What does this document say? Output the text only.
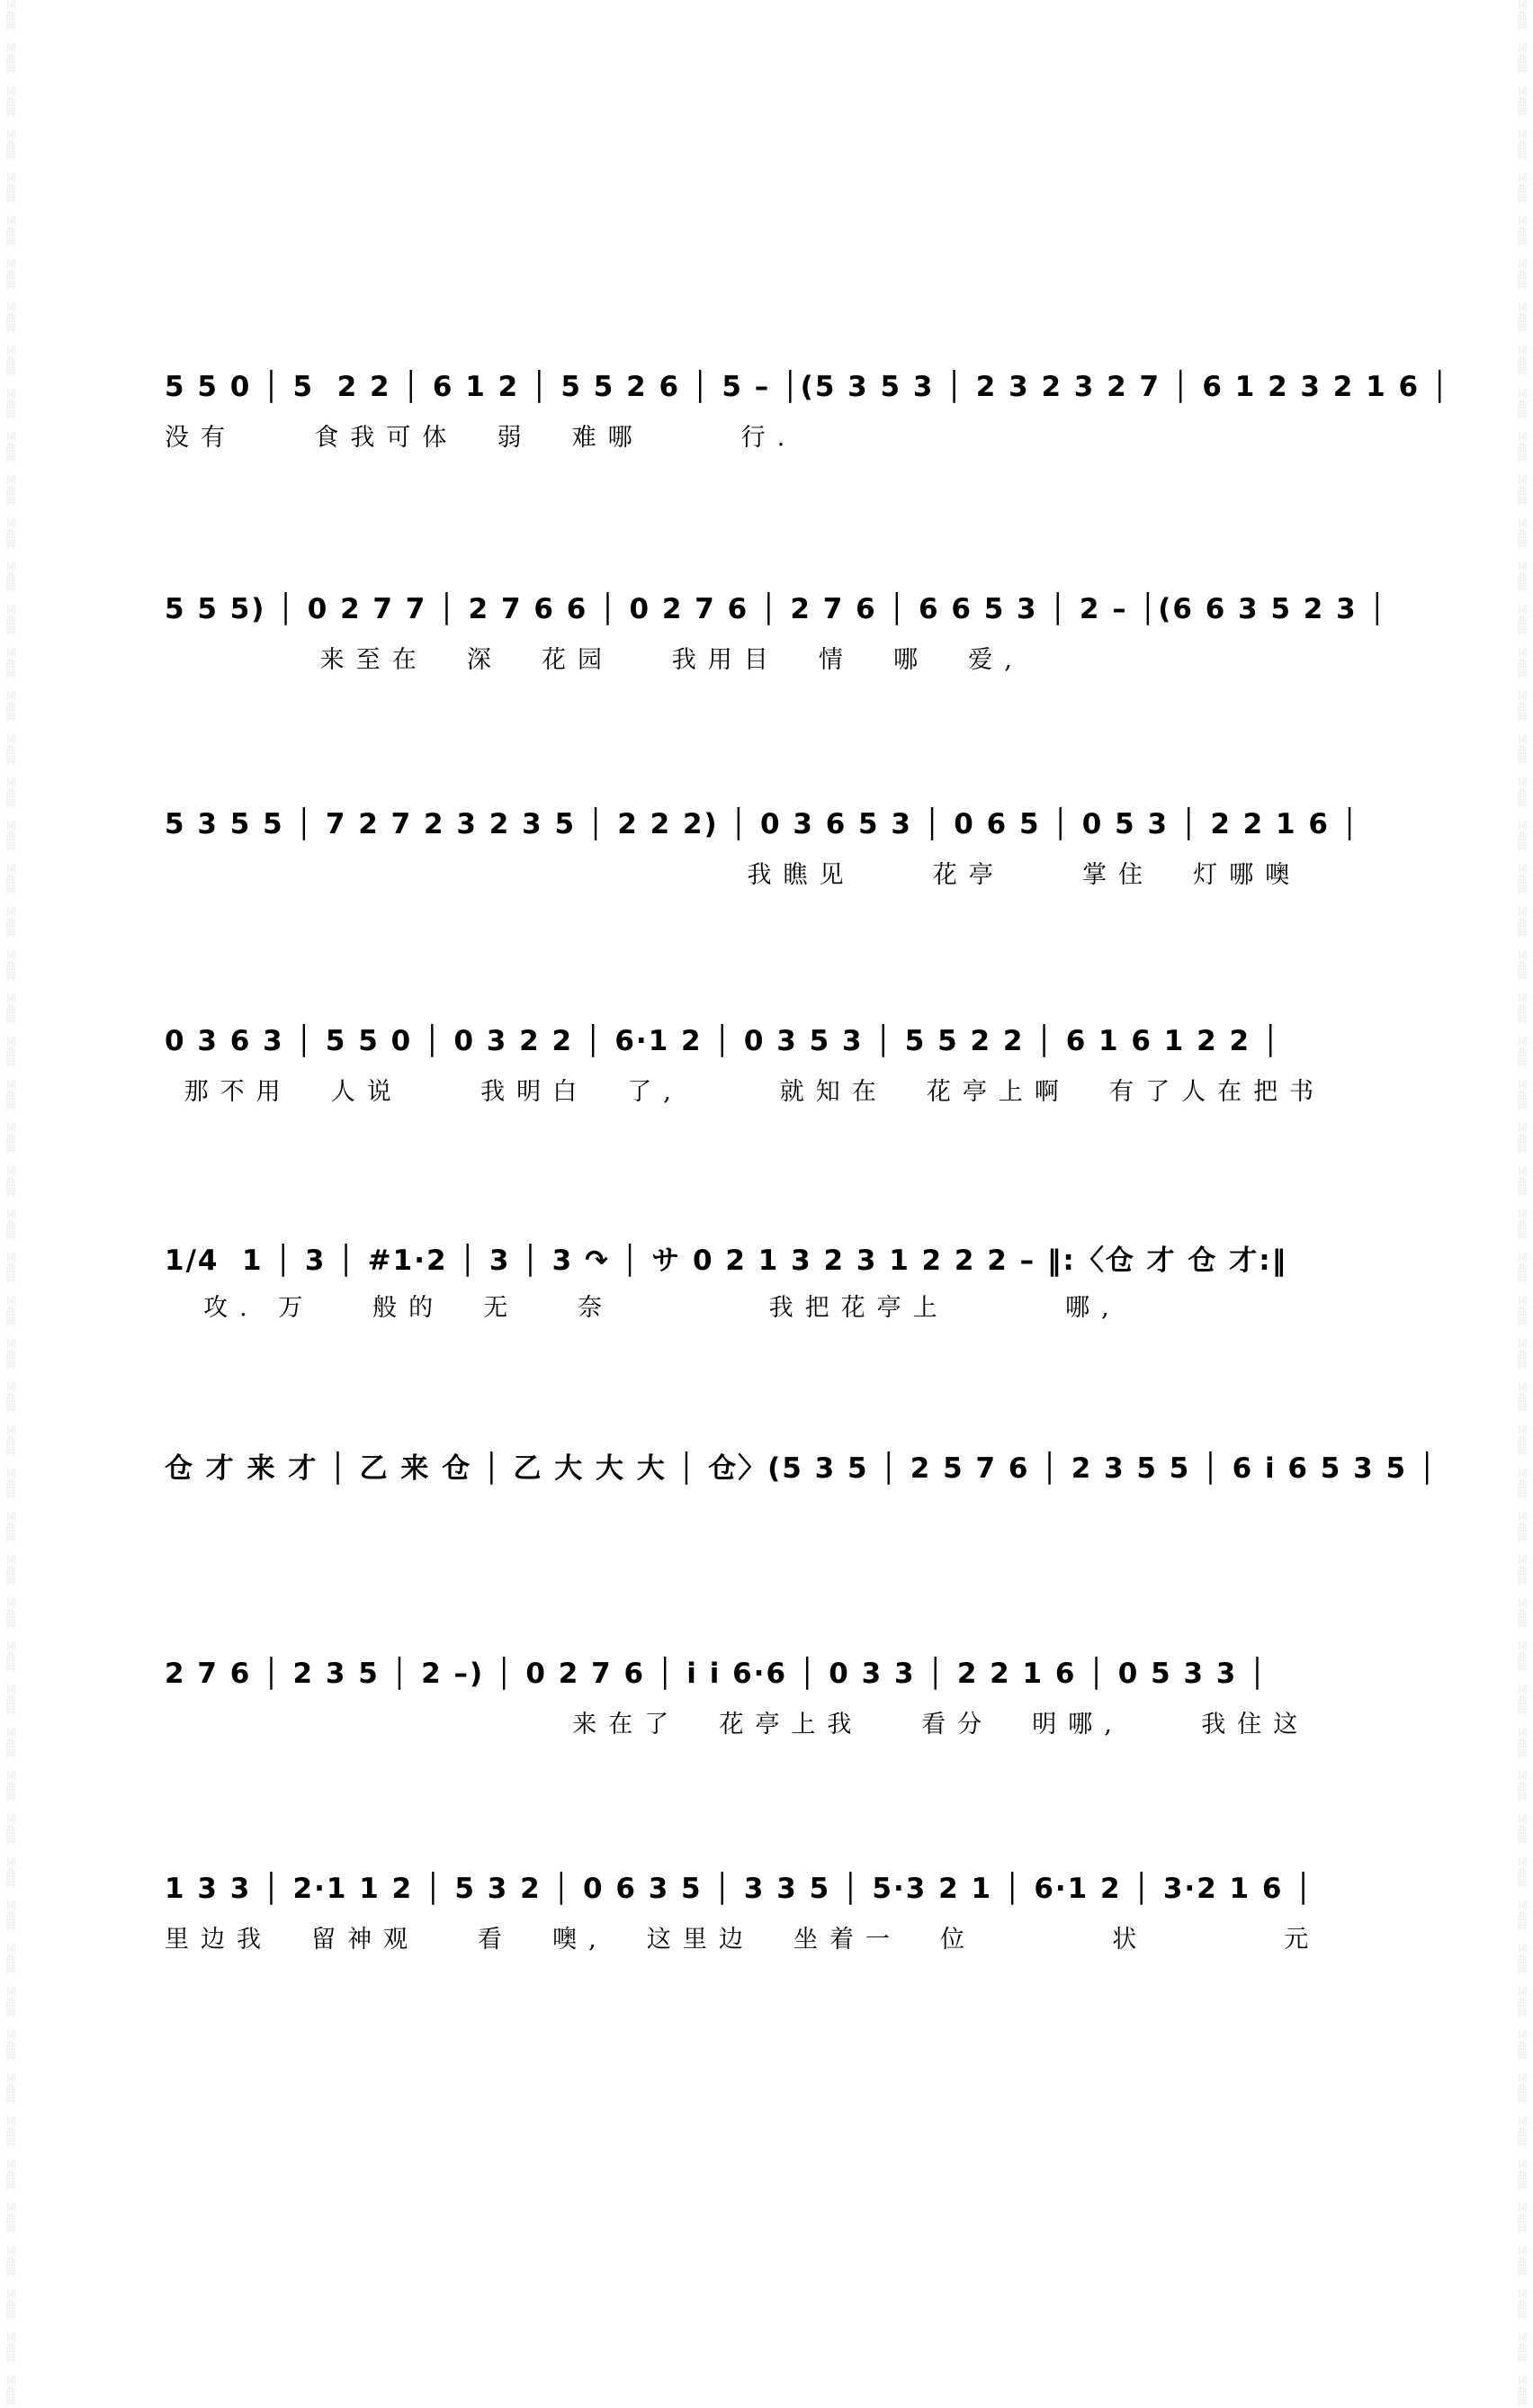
词
曲
网

词
曲
网

词
曲
网

词
曲
网

词
曲
网

词
曲
网

词
曲
网

词
曲
网

词
曲
网

词
曲
网

词
曲
网

词
曲
网

词
曲
网

词
曲
网

词
曲
网

词
曲
网

词
曲
网

词
曲
网

词
曲
网

词
曲
网

词
曲
网

词
曲
网

词
曲
网

词
曲
网

词
曲
网

词
曲
网

词
曲
网

词
曲
网

词
曲
网

词
曲
网

词
曲
网

词
曲
网

词
曲
网

词
曲
网

词
曲
网

词
曲
网

词
曲
网

词
曲
网

词
曲
网

词
曲
网

词
曲
网

词
曲
网

词
曲
网

词
曲
网

词
曲
网

词
曲
网

词
曲
网

词
曲
网

词
曲
网

词
曲
网

词
曲
网

词
曲
网

词
曲
网

词
曲
网

词
曲
网

词
曲
网

词
曲
网

词
曲
网

词
曲
网

词
曲
网

词
曲
网

词
曲
网

词
曲
网

词
曲
网

词
曲
网

词
曲
网

词
曲
网

词
曲
网

词
曲
网

词
曲
网

词
曲
网

词
曲
网

词
曲
网

词
曲
网

词
曲
网

词
曲
网

词
曲
网

词
曲
网

词
曲
网

词
曲
网

词
曲
网

词
曲
网

词
曲
网

词
曲
网

词
曲
网

词
曲
网

词
曲
网

词
曲
网

词
曲
网

词
曲
网

词
曲
网

词
曲
网

词
曲
网

词
曲
网

词
曲
网

词
曲
网

词
曲
网

词
曲
网

词
曲
网

词
曲
网

词
曲
网

词
曲
网

词
曲
网

词
曲
网

词
曲
网

词
曲
网

词
曲
网

词
曲
网

词
曲
网

词
曲
网

词
曲
网

词
曲
网

5 5 0 │ 5  2 2 │ 6 1 2 │ 5 5 2 6 │ 5 – │(5 3 5 3 │ 2 3 2 3 2 7 │ 6 1 2 3 2 1 6 │
没有    食我可体  弱  难哪     行.
5 5 5) │ 0 2 7 7 │ 2 7 6 6 │ 0 2 7 6 │ 2 7 6 │ 6 6 5 3 │ 2 – │(6 6 3 5 2 3 │
来至在  深  花园   我用目  情  哪  爱,
5 3 5 5 │ 7 2 7 2 3 2 3 5 │ 2 2 2) │ 0 3 6 5 3 │ 0 6 5 │ 0 5 3 │ 2 2 1 6 │
我瞧见    花亭    掌住  灯哪噢
0 3 6 3 │ 5 5 0 │ 0 3 2 2 │ 6·1 2 │ 0 3 5 3 │ 5 5 2 2 │ 6 1 6 1 2 2 │
那不用  人说    我明白  了,     就知在  花亭上啊  有了人在把书
1/4  1 │ 3 │ #1·2 │ 3 │ 3 ↷ │ サ 0 2 1 3 2 3 1 2 2 2 – ‖:〈仓 才 仓 才:‖
攻. 万   般的  无   奈        我把花亭上      哪,
仓 才 来 才 │ 乙 来 仓 │ 乙 大 大 大 │ 仓〉(5 3 5 │ 2 5 7 6 │ 2 3 5 5 │ 6 i 6 5 3 5 │
2 7 6 │ 2 3 5 │ 2 –) │ 0 2 7 6 │ i i 6·6 │ 0 3 3 │ 2 2 1 6 │ 0 5 3 3 │
来在了  花亭上我   看分  明哪,    我住这
1 3 3 │ 2·1 1 2 │ 5 3 2 │ 0 6 3 5 │ 3 3 5 │ 5·3 2 1 │ 6·1 2 │ 3·2 1 6 │
里边我  留神观   看  噢,  这里边  坐着一  位       状       元
